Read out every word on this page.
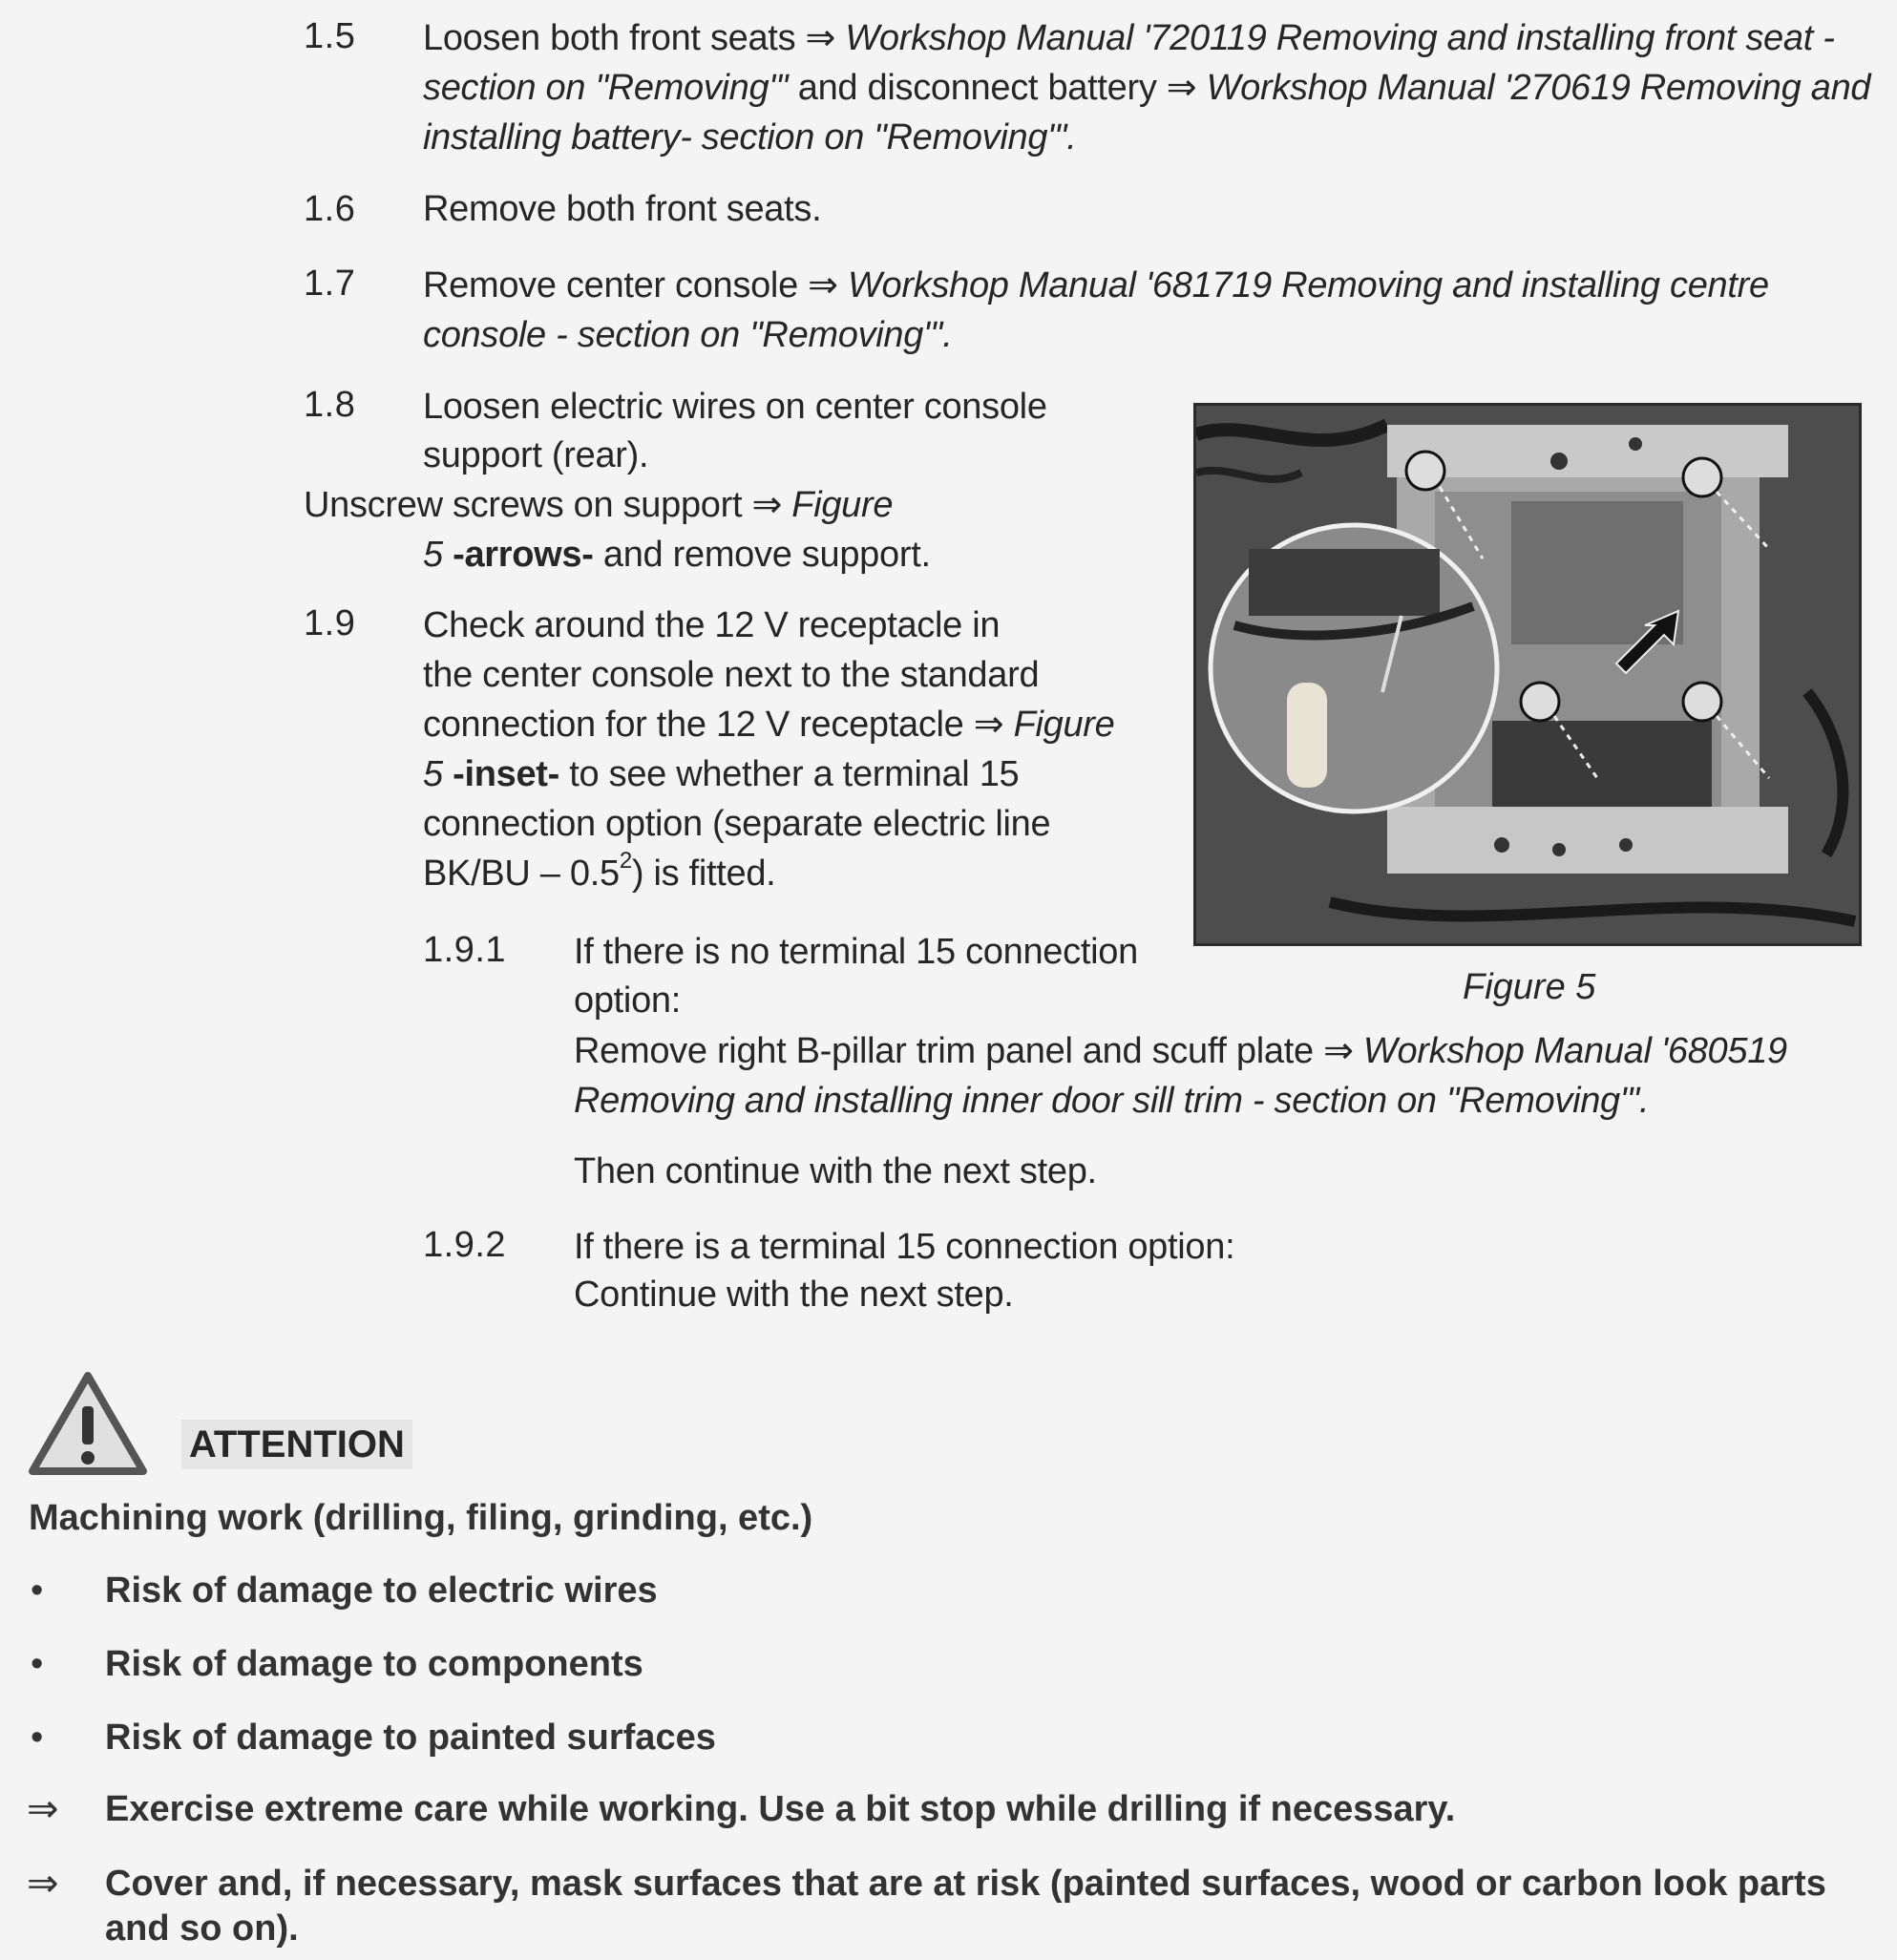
1.5 Loosen both front seats ⇒ Workshop Manual '720119 Removing and installing front seat - section on "Removing"' and disconnect battery ⇒ Workshop Manual '270619 Removing and installing battery- section on "Removing"'.
1.6 Remove both front seats.
1.7 Remove center console ⇒ Workshop Manual '681719 Removing and installing centre console - section on "Removing"'.
1.8 Loosen electric wires on center console
support (rear).
Unscrew screws on support ⇒ Figure
5 -arrows- and remove support.
1.9 Check around the 12 V receptacle in
the center console next to the standard
connection for the 12 V receptacle ⇒ Figure
5 -inset- to see whether a terminal 15
connection option (separate electric line
$BK/BU - 0.5^2$) is fitted.
1.9.1 If there is no terminal 15 connection
option:
Remove right B-pillar trim panel and scuff plate ⇒ Workshop Manual '680519
Removing and installing inner door sill trim - section on "Removing"'.
Then continue with the next step.
1.9.2 If there is a terminal 15 connection option:
Continue with the next step.
Figure 5
ATTENTION
Machining work (drilling, filing, grinding, etc.)
• Risk of damage to electric wires
• Risk of damage to components
• Risk of damage to painted surfaces
⇒ Exercise extreme care while working. Use a bit stop while drilling if necessary.
⇒ Cover and, if necessary, mask surfaces that are at risk (painted surfaces, wood or carbon look parts
and so on).
